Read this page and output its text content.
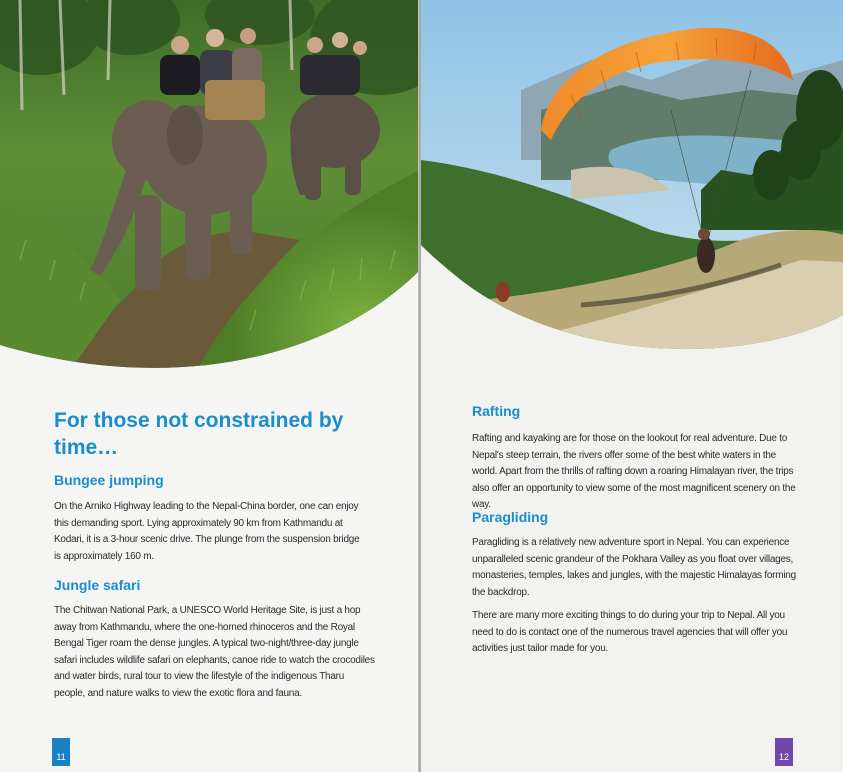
For those not constrained by time…
Bungee jumping

On the Arniko Highway leading to the Nepal-China border, one can enjoy this demanding sport. Lying approximately 90 km from Kathmandu at Kodari, it is a 3-hour scenic drive. The plunge from the suspension bridge is approximately 160 m.

Jungle safari

The Chitwan National Park, a UNESCO World Heritage Site, is just a hop away from Kathmandu, where the one-horned rhinoceros and the Royal Bengal Tiger roam the dense jungles. A typical two-night/three-day jungle safari includes wildlife safari on elephants, canoe ride to watch the crocodiles and water birds, rural tour to view the lifestyle of the indigenous Tharu people, and nature walks to view the exotic flora and fauna.

11
Rafting

Rafting and kayaking are for those on the lookout for real adventure. Due to Nepal's steep terrain, the rivers offer some of the best white waters in the world. Apart from the thrills of rafting down a roaring Himalayan river, the trips also offer an opportunity to view some of the most magnificent scenery on the way.

Paragliding

Paragliding is a relatively new adventure sport in Nepal. You can experience unparalleled scenic grandeur of the Pokhara Valley as you float over villages, monasteries, temples, lakes and jungles, with the majestic Himalayas forming the backdrop.

There are many more exciting things to do during your trip to Nepal. All you need to do is contact one of the numerous travel agencies that will offer you activities just tailor made for you.

12
